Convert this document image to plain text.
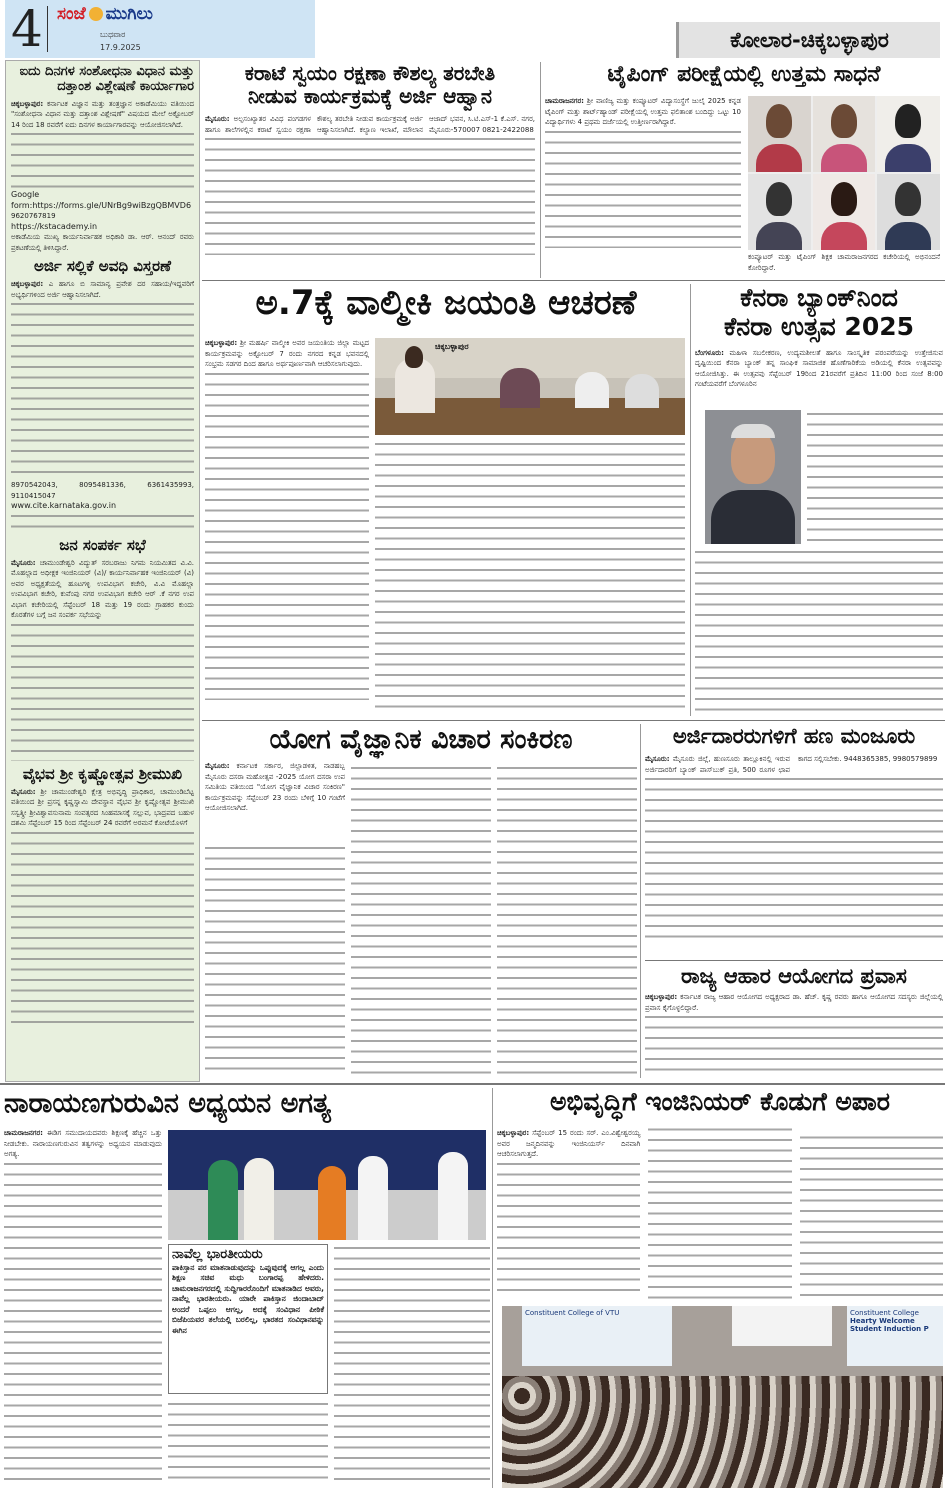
4 ಸಂಜೆ ಮುಗಿಲು
ಬುಧವಾರ
17.9.2025	ಕೋಲಾರ-ಚಿಕ್ಕಬಳ್ಳಾಪುರ
ಐದು ದಿನಗಳ ಸಂಶೋಧನಾ ವಿಧಾನ ಮತ್ತು ದತ್ತಾಂಶ ವಿಶ್ಲೇಷಣೆ ಕಾರ್ಯಾಗಾರ

ಚಿಕ್ಕಬಳ್ಳಾಪುರ: ಕರ್ನಾಟಕ ವಿಜ್ಞಾನ ಮತ್ತು ತಂತ್ರಜ್ಞಾನ ಅಕಾಡೆಮಿಯು ವತಿಯಿಂದ "ಸಂಶೋಧನಾ ವಿಧಾನ ಮತ್ತು ದತ್ತಾಂಶ ವಿಶ್ಲೇಷಣೆ" ವಿಷಯದ ಮೇಲೆ ಅಕ್ಟೋಬರ್ 14 ರಿಂದ 18 ರವರೆಗೆ ಐದು ದಿನಗಳ ಕಾರ್ಯಾಗಾರವನ್ನು ಆಯೋಜಿಸಲಾಗಿದೆ.

Google form:https://forms.gle/UNrBg9wiBzgQBMVD6

9620767819

https://kstacademy.in

ಅಕಾಡೆಮಿಯ ಮುಖ್ಯ ಕಾರ್ಯನಿರ್ವಾಹಕ ಅಧಿಕಾರಿ ಡಾ. ಆರ್. ಆನಂದ್ ರವರು ಪ್ರಕಟಣೆಯಲ್ಲಿ ತಿಳಿಸಿದ್ದಾರೆ.

ಅರ್ಜಿ ಸಲ್ಲಿಕೆ ಅವಧಿ ವಿಸ್ತರಣೆ

ಚಿಕ್ಕಬಳ್ಳಾಪುರ: ಎ ಹಾಗೂ ಬಿ ಸಾಮಾನ್ಯ ಪ್ರವೇಶ ದರ ಸಹಾಯ/ಇದ್ದವರಿಗೆ ಅಭ್ಯರ್ಥಿಗಳಿಂದ ಅರ್ಜಿ ಆಹ್ವಾನಿಸಲಾಗಿದೆ.

8970542043, 8095481336, 6361435993, 9110415047

www.cite.karnataka.gov.in

ಜನ ಸಂಪರ್ಕ ಸಭೆ

ಮೈಸೂರು: ಚಾಮುಂಡೇಶ್ವರಿ ವಿದ್ಯುತ್ ಸರಬರಾಜು ನಿಗಮ ನಿಯಮಿತದ ವಿ.ವಿ. ಮೊಹಲ್ಲಾದ ಅಧೀಕ್ಷಕ ಇಂಜಿನಿಯರ್ (ವಿ)/ ಕಾರ್ಯನಿರ್ವಾಹಕ ಇಂಜಿನಿಯರ್ (ವಿ) ಅವರ ಅಧ್ಯಕ್ಷತೆಯಲ್ಲಿ ಹೂಟಗಳ್ಳಿ ಉಪವಿಭಾಗ ಕಚೇರಿ, ವಿ.ವಿ ಮೊಹಲ್ಲಾ ಉಪವಿಭಾಗ ಕಚೇರಿ, ಕುವೆಂಪು ನಗರ ಉಪವಿಭಾಗ ಕಚೇರಿ ಆರ್ .ಕೆ ನಗರ ಉಪ ವಿಭಾಗ ಕಚೇರಿಯಲ್ಲಿ ಸೆಪ್ಟೆಂಬರ್ 18 ಮತ್ತು 19 ರಂದು ಗ್ರಾಹಕರ ಕುಂದು ಕೊರತೆಗಳ ಬಗ್ಗೆ ಜನ ಸಂಪರ್ಕ ಸಭೆಯನ್ನು

ವೈಭವ ಶ್ರೀ ಕೃಷ್ಣೋತ್ಸವ ಶ್ರೀಮುಖಿ

ಮೈಸೂರು: ಶ್ರೀ ಚಾಮುಂಡೇಶ್ವರಿ ಕ್ಷೇತ್ರ ಅಭಿವೃದ್ಧಿ ಪ್ರಾಧಿಕಾರ, ಚಾಮುಂಡಿಬೆಟ್ಟ ವತಿಯಿಂದ ಶ್ರೀ ಪ್ರಸನ್ನ ಕೃಷ್ಣಸ್ವಾಮಿ ದೇವಸ್ಥಾನ ವೈಭವ ಶ್ರೀ ಕೃಷ್ಣೋತ್ಸವ ಶ್ರೀಮುಖಿ ಸಸ್ವತ್ಶ್ರೀ ಶ್ರೀವಿಶ್ವಾವಸುನಾಮ ಸಂವತ್ಸರದ ಸಿಂಹಮಾಸಕ್ಕೆ ಸಲ್ಲುವ, ಭಾದ್ರಪದ ಬಹುಳ ದಶಮಿ ಸೆಪ್ಟೆಂಬರ್ 15 ರಿಂದ ಸೆಪ್ಟೆಂಬರ್ 24 ರವರೆಗೆ ಅರಮನೆ ಕೋಟೆಯೊಳಗೆ

ಕರಾಟೆ ಸ್ವಯಂ ರಕ್ಷಣಾ ಕೌಶಲ್ಯ ತರಬೇತಿ
ನೀಡುವ ಕಾರ್ಯಕ್ರಮಕ್ಕೆ ಅರ್ಜಿ ಆಹ್ವಾನ

ಮೈಸೂರು: ಅಲ್ಪಸಂಖ್ಯಾತರ ವಿವಿಧ ಪಂಗಡಗಳ ಹಾಗೂ ಶಾಲೆಗಳಲ್ಲಿನ ಕರಾಟೆ ಸ್ವಯಂ ರಕ್ಷಣಾ ಕೌಶಲ್ಯ ತರಬೇತಿ ನೀಡುವ ಕಾರ್ಯಕ್ರಮಕ್ಕೆ ಅರ್ಜಿ ಆಹ್ವಾನಿಸಲಾಗಿದೆ. ಕಲ್ಯಾಣ ಇಲಾಖೆ, ಮೌಲಾನ ಆಜಾದ್ ಭವನ, ಸಿ.ಟಿ.ಎಸ್-1 ಕೆ.ಎಸ್. ನಗರ, ಮೈಸೂರು-570007 0821-2422088

ಟೈಪಿಂಗ್ ಪರೀಕ್ಷೆಯಲ್ಲಿ ಉತ್ತಮ ಸಾಧನೆ

ಚಾಮರಾಜನಗರ: ಶ್ರೀ ವಾಣಿಜ್ಯ ಮತ್ತು ಕಂಪ್ಯೂಟರ್ ವಿದ್ಯಾಸಂಸ್ಥೆಗೆ ಜುಲೈ 2025 ಕನ್ನಡ ಟೈಪಿಂಗ್ ಮತ್ತು ಶಾರ್ಟ್‌ಹ್ಯಾಂಡ್ ಪರೀಕ್ಷೆಯಲ್ಲಿ ಉತ್ತಮ ಫಲಿತಾಂಶ ಬಂದಿದ್ದು ಒಟ್ಟು 10 ವಿದ್ಯಾರ್ಥಿಗಳು 4 ಪ್ರಥಮ ದರ್ಜೆಯಲ್ಲಿ ಉತ್ತೀರ್ಣರಾಗಿದ್ದಾರೆ.

ಕಂಪ್ಯೂಟರ್ ಮತ್ತು ಟೈಪಿಂಗ್ ಶಿಕ್ಷಕ ಚಾಮರಾಜನಗರದ ಕಚೇರಿಯಲ್ಲಿ ಅಭಿನಂದನೆ ಕೋರಿದ್ದಾರೆ.

ಅ.7ಕ್ಕೆ ವಾಲ್ಮೀಕಿ ಜಯಂತಿ ಆಚರಣೆ

ಚಿಕ್ಕಬಳ್ಳಾಪುರ: ಶ್ರೀ ಮಹರ್ಷಿ ವಾಲ್ಮೀಕಿ ಅವರ ಜಯಂತಿಯ ಜಿಲ್ಲಾ ಮಟ್ಟದ ಕಾರ್ಯಕ್ರಮವನ್ನು ಅಕ್ಟೋಬರ್ 7 ರಂದು ನಗರದ ಕನ್ನಡ ಭವನದಲ್ಲಿ ಸಂಭ್ರಮ ಸಡಗರ ದಿಂದ ಹಾಗೂ ಅರ್ಥಪೂರ್ಣವಾಗಿ ಆಚರಿಸಲಾಗುವುದು.

ಚಿಕ್ಕಬಳ್ಳಾಪುರ
ಕೆನರಾ ಬ್ಯಾಂಕ್‌ನಿಂದ
ಕೆನರಾ ಉತ್ಸವ 2025

ಬೆಂಗಳೂರು: ಮಹಿಳಾ ಸಬಲೀಕರಣ, ಉದ್ಯಮಶೀಲತೆ ಹಾಗೂ ಸಾಂಸ್ಕೃತಿಕ ಪರಂಪರೆಯನ್ನು ಉತ್ತೇಜಿಸುವ ದೃಷ್ಟಿಯಿಂದ ಕೆನರಾ ಬ್ಯಾಂಕ್ ತನ್ನ ಸಾಂಘಿಕ ಸಾಮಾಜಿಕ ಹೊಣೆಗಾರಿಕೆಯ ಅಡಿಯಲ್ಲಿ ಕೆನರಾ ಉತ್ಸವವನ್ನು ಆಯೋಜಿಸಿತ್ತು. ಈ ಉತ್ಸವವು ಸೆಪ್ಟೆಂಬರ್ 19ರಿಂದ 21ರವರೆಗೆ ಪ್ರತಿದಿನ 11:00 ರಿಂದ ಸಂಜೆ 8:00 ಗಂಟೆಯವರೆಗೆ ಬೆಂಗಳೂರಿನ

ಯೋಗ ವೈಜ್ಞಾನಿಕ ವಿಚಾರ ಸಂಕಿರಣ

ಮೈಸೂರು: ಕರ್ನಾಟಕ ಸರ್ಕಾರ, ಜಿಲ್ಲಾಡಳಿತ, ನಾಡಹಬ್ಬ ಮೈಸೂರು ದಸರಾ ಮಹೋತ್ಸವ -2025 ಯೋಗ ದಸರಾ ಉಪ ಸಮಿತಿಯ ವತಿಯಿಂದ "ಯೋಗ ವೈಜ್ಞಾನಿಕ ವಿಚಾರ ಸಂಕಿರಣ" ಕಾರ್ಯಕ್ರಮವನ್ನು ಸೆಪ್ಟೆಂಬರ್ 23 ರಂದು ಬೆಳಿಗ್ಗೆ 10 ಗಂಟೆಗೆ ಆಯೋಜಿಸಲಾಗಿದೆ.

ಅರ್ಜಿದಾರರುಗಳಿಗೆ ಹಣ ಮಂಜೂರು

ಮೈಸೂರು: ಮೈಸೂರು ಜಿಲ್ಲೆ, ಹುಣಸೂರು ತಾಲ್ಲೂಕಿನಲ್ಲಿ ಇರುವ ಅರ್ಜಿದಾರರಿಗೆ ಬ್ಯಾಂಕ್ ಪಾಸ್‌ಬುಕ್ ಪ್ರತಿ, 500 ರೂಗಳ ಛಾಪ ಕಾಗದ ಸಲ್ಲಿಸಬೇಕು. 9448365385, 9980579899

ರಾಜ್ಯ ಆಹಾರ ಆಯೋಗದ ಪ್ರವಾಸ

ಚಿಕ್ಕಬಳ್ಳಾಪುರ: ಕರ್ನಾಟಕ ರಾಜ್ಯ ಆಹಾರ ಆಯೋಗದ ಅಧ್ಯಕ್ಷರಾದ ಡಾ. ಹೆಚ್. ಕೃಷ್ಣ ರವರು ಹಾಗೂ ಆಯೋಗದ ಸದಸ್ಯರು ಜಿಲ್ಲೆಯಲ್ಲಿ ಪ್ರವಾಸ ಕೈಗೊಳ್ಳಲಿದ್ದಾರೆ.

ನಾರಾಯಣಗುರುವಿನ ಅಧ್ಯಯನ ಅಗತ್ಯ

ಚಾಮರಾಜನಗರ: ಈಡಿಗ ಸಮುದಾಯದವರು ಶಿಕ್ಷಣಕ್ಕೆ ಹೆಚ್ಚಿನ ಒತ್ತು ನೀಡಬೇಕು. ನಾರಾಯಣಗುರುವಿನ ತತ್ವಗಳನ್ನು ಅಧ್ಯಯನ ಮಾಡುವುದು ಅಗತ್ಯ.

ನಾವೆಲ್ಲ ಭಾರತೀಯರು

ಪಾಕಿಸ್ತಾನ ಪರ ಮಾತನಾಡುವುದನ್ನು ಒಪ್ಪುವುದಕ್ಕೆ ಆಗಲ್ಲ ಎಂದು ಶಿಕ್ಷಣ ಸಚಿವ ಮಧು ಬಂಗಾರಪ್ಪ ಹೇಳಿದರು. ಚಾಮರಾಜನಗರದಲ್ಲಿ ಸುದ್ದಿಗಾರರೊಂದಿಗೆ ಮಾತನಾಡಿದ ಅವರು, ನಾವೆಲ್ಲ ಭಾರತೀಯರು. ಯಾರೇ ಪಾಕಿಸ್ತಾನ ಜಿಂದಾಬಾದ್ ಅಂದರೆ ಒಪ್ಪಲು ಆಗಲ್ಲ, ಅದಕ್ಕೆ ಸಂವಿಧಾನ ಪೀಠಿಕೆ ಬಿಜೆಪಿಯವರ ತಲೆಯಲ್ಲಿ ಬರಲಿಲ್ಲ, ಭಾರತದ ಸಂವಿಧಾನವನ್ನು ಈಗಿನ

ಅಭಿವೃದ್ಧಿಗೆ ಇಂಜಿನಿಯರ್ ಕೊಡುಗೆ ಅಪಾರ

ಚಿಕ್ಕಬಳ್ಳಾಪುರ: ಸೆಪ್ಟೆಂಬರ್ 15 ರಂದು ಸರ್. ಎಂ.ವಿಶ್ವೇಶ್ವರಯ್ಯ ಅವರ ಜನ್ಮದಿನವನ್ನು ಇಂಜಿನಿಯರ್ಸ್ ದಿನವಾಗಿ ಆಚರಿಸಲಾಗುತ್ತದೆ.

Constituent College of VTU	Constituent College
Hearty Welcome
Student Induction P
